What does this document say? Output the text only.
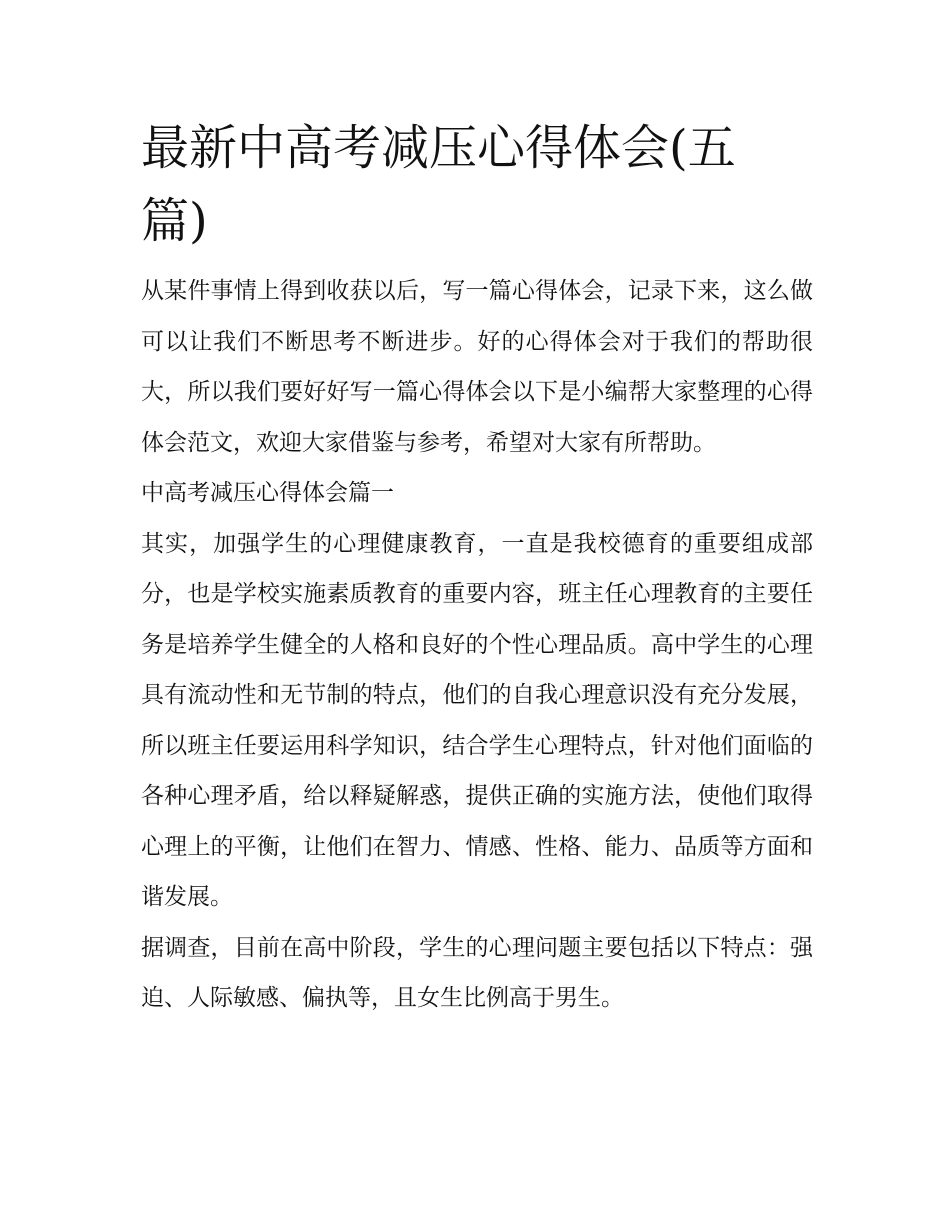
最新中高考减压心得体会(五篇)

从某件事情上得到收获以后，写一篇心得体会，记录下来，这么做可以让我们不断思考不断进步。好的心得体会对于我们的帮助很大，所以我们要好好写一篇心得体会以下是小编帮大家整理的心得体会范文，欢迎大家借鉴与参考，希望对大家有所帮助。

中高考减压心得体会篇一

其实，加强学生的心理健康教育，一直是我校德育的重要组成部分，也是学校实施素质教育的重要内容，班主任心理教育的主要任务是培养学生健全的人格和良好的个性心理品质。高中学生的心理具有流动性和无节制的特点，他们的自我心理意识没有充分发展，所以班主任要运用科学知识，结合学生心理特点，针对他们面临的各种心理矛盾，给以释疑解惑，提供正确的实施方法，使他们取得心理上的平衡，让他们在智力、情感、性格、能力、品质等方面和谐发展。

据调查，目前在高中阶段，学生的心理问题主要包括以下特点：强迫、人际敏感、偏执等，且女生比例高于男生。
